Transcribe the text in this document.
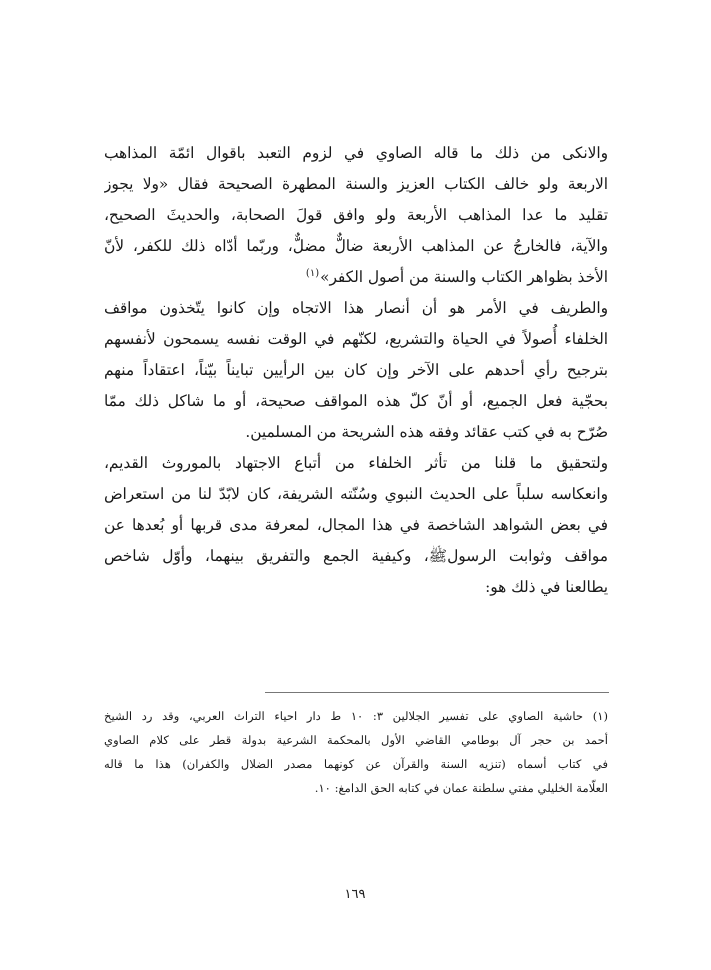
والانكى من ذلك ما قاله الصاوي في لزوم التعبد باقوال ائمّة المذاهب
الاربعة ولو خالف الكتاب العزيز والسنة المطهرة الصحيحة فقال «ولا يجوز
تقليد ما عدا المذاهب الأربعة ولو وافق قولَ الصحابة، والحديثَ الصحيح،
والآية، فالخارجُ عن المذاهب الأربعة ضالٌّ مضلٌّ، وربّما أدّاه ذلك للكفر، لأنّ
الأخذ بظواهر الكتاب والسنة من أصول الكفر»$^{(١)}$
والطريف في الأمر هو أن أنصار هذا الاتجاه وإن كانوا يتّخذون مواقف
الخلفاء أُصولاً في الحياة والتشريع، لكنّهم في الوقت نفسه يسمحون لأنفسهم
بترجيح رأي أحدهم على الآخر وإن كان بين الرأيين تبايناً بيّناً، اعتقاداً منهم
بحجّية فعل الجميع، أو أنّ كلّ هذه المواقف صحيحة، أو ما شاكل ذلك ممّا
صُرّح به في كتب عقائد وفقه هذه الشريحة من المسلمين.
ولتحقيق ما قلنا من تأثر الخلفاء من أتباع الاجتهاد بالموروث القديم،
وانعكاسه سلباً على الحديث النبوي وسُنّته الشريفة، كان لابّدّ لنا من استعراض
في بعض الشواهد الشاخصة في هذا المجال، لمعرفة مدى قربها أو بُعدها عن
مواقف وثوابت الرسولﷺ، وكيفية الجمع والتفريق بينهما، وأوّل شاخص
يطالعنا في ذلك هو:
(١) حاشية الصاوي على تفسير الجلالين ٣: ١٠ ط دار احياء التراث العربي، وقد رد الشيخ
أحمد بن حجر آل بوطامي القاضي الأول بالمحكمة الشرعية بدولة قطر على كلام الصاوي
في كتاب أسماه (تنزيه السنة والقرآن عن كونهما مصدر الضلال والكفران) هذا ما قاله
العلّامة الخليلي مفتي سلطنة عمان في كتابه الحق الدامغ: ١٠.
١٦٩
